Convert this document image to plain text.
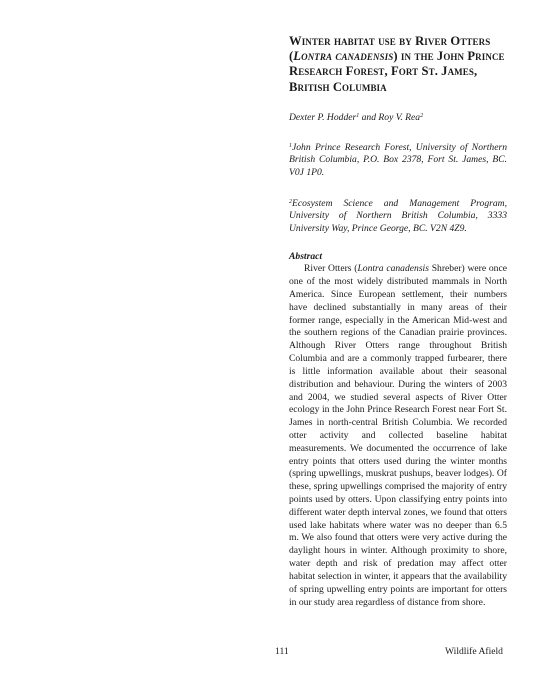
Winter habitat use by River Otters (Lontra canadensis) in the John Prince Research Forest, Fort St. James, British Columbia

Dexter P. Hodder$^1$ and Roy V. Rea$^2$

$^1$John Prince Research Forest, University of Northern British Columbia, P.O. Box 2378, Fort St. James, BC. V0J 1P0.

$^2$Ecosystem Science and Management Program, University of Northern British Columbia, 3333 University Way, Prince George, BC. V2N 4Z9.

Abstract

River Otters (Lontra canadensis Shreber) were once one of the most widely distributed mammals in North America. Since European settlement, their numbers have declined substantially in many areas of their former range, especially in the American Mid-west and the southern regions of the Canadian prairie provinces. Although River Otters range throughout British Columbia and are a commonly trapped furbearer, there is little information available about their seasonal distribution and behaviour. During the winters of 2003 and 2004, we studied several aspects of River Otter ecology in the John Prince Research Forest near Fort St. James in north-central British Columbia. We recorded otter activity and collected baseline habitat measurements. We documented the occurrence of lake entry points that otters used during the winter months (spring upwellings, muskrat pushups, beaver lodges). Of these, spring upwellings comprised the majority of entry points used by otters. Upon classifying entry points into different water depth interval zones, we found that otters used lake habitats where water was no deeper than 6.5 m. We also found that otters were very active during the daylight hours in winter. Although proximity to shore, water depth and risk of predation may affect otter habitat selection in winter, it appears that the availability of spring upwelling entry points are important for otters in our study area regardless of distance from shore.

111	Wildlife Afield
